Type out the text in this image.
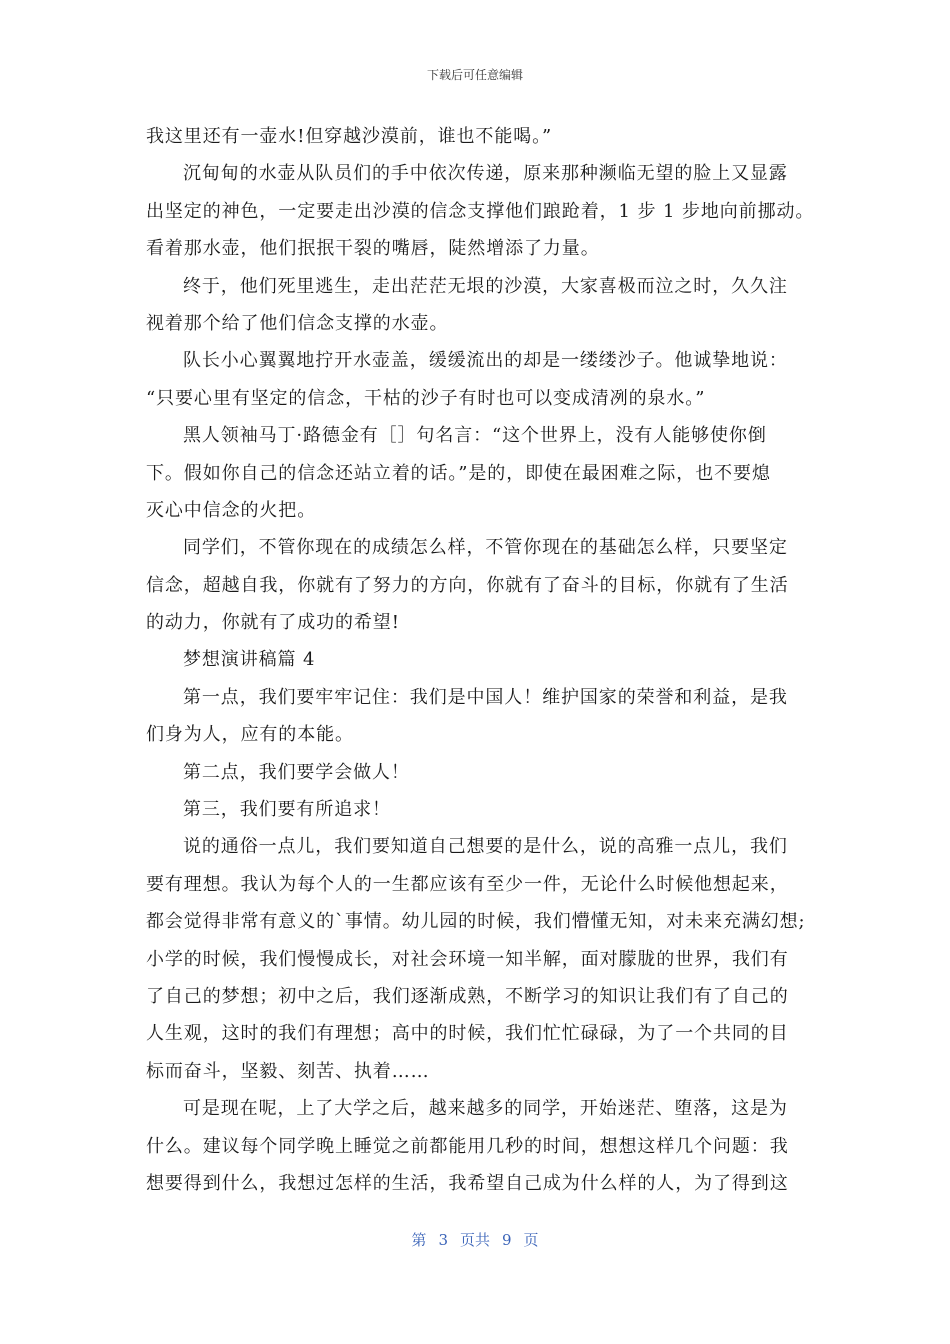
下载后可任意编辑
我这里还有一壶水!但穿越沙漠前，谁也不能喝。”
沉甸甸的水壶从队员们的手中依次传递，原来那种濒临无望的脸上又显露
出坚定的神色，一定要走出沙漠的信念支撑他们踉跄着，1 步 1 步地向前挪动。
看着那水壶，他们抿抿干裂的嘴唇，陡然增添了力量。
终于，他们死里逃生，走出茫茫无垠的沙漠，大家喜极而泣之时，久久注
视着那个给了他们信念支撑的水壶。
队长小心翼翼地拧开水壶盖，缓缓流出的却是一缕缕沙子。他诚挚地说：
“只要心里有坚定的信念，干枯的沙子有时也可以变成清冽的泉水。”
黑人领袖马丁·路德金有［］句名言：“这个世界上，没有人能够使你倒
下。假如你自己的信念还站立着的话。”是的，即使在最困难之际，也不要熄
灭心中信念的火把。
同学们，不管你现在的成绩怎么样，不管你现在的基础怎么样，只要坚定
信念，超越自我，你就有了努力的方向，你就有了奋斗的目标，你就有了生活
的动力，你就有了成功的希望!
梦想演讲稿篇 4
第一点，我们要牢牢记住：我们是中国人！维护国家的荣誉和利益，是我
们身为人，应有的本能。
第二点，我们要学会做人！
第三，我们要有所追求！
说的通俗一点儿，我们要知道自己想要的是什么，说的高雅一点儿，我们
要有理想。我认为每个人的一生都应该有至少一件，无论什么时候他想起来，
都会觉得非常有意义的`事情。幼儿园的时候，我们懵懂无知，对未来充满幻想;
小学的时候，我们慢慢成长，对社会环境一知半解，面对朦胧的世界，我们有
了自己的梦想；初中之后，我们逐渐成熟，不断学习的知识让我们有了自己的
人生观，这时的我们有理想；高中的时候，我们忙忙碌碌，为了一个共同的目
标而奋斗，坚毅、刻苦、执着……
可是现在呢，上了大学之后，越来越多的同学，开始迷茫、堕落，这是为
什么。建议每个同学晚上睡觉之前都能用几秒的时间，想想这样几个问题：我
想要得到什么，我想过怎样的生活，我希望自己成为什么样的人，为了得到这
第 3 页共 9 页
